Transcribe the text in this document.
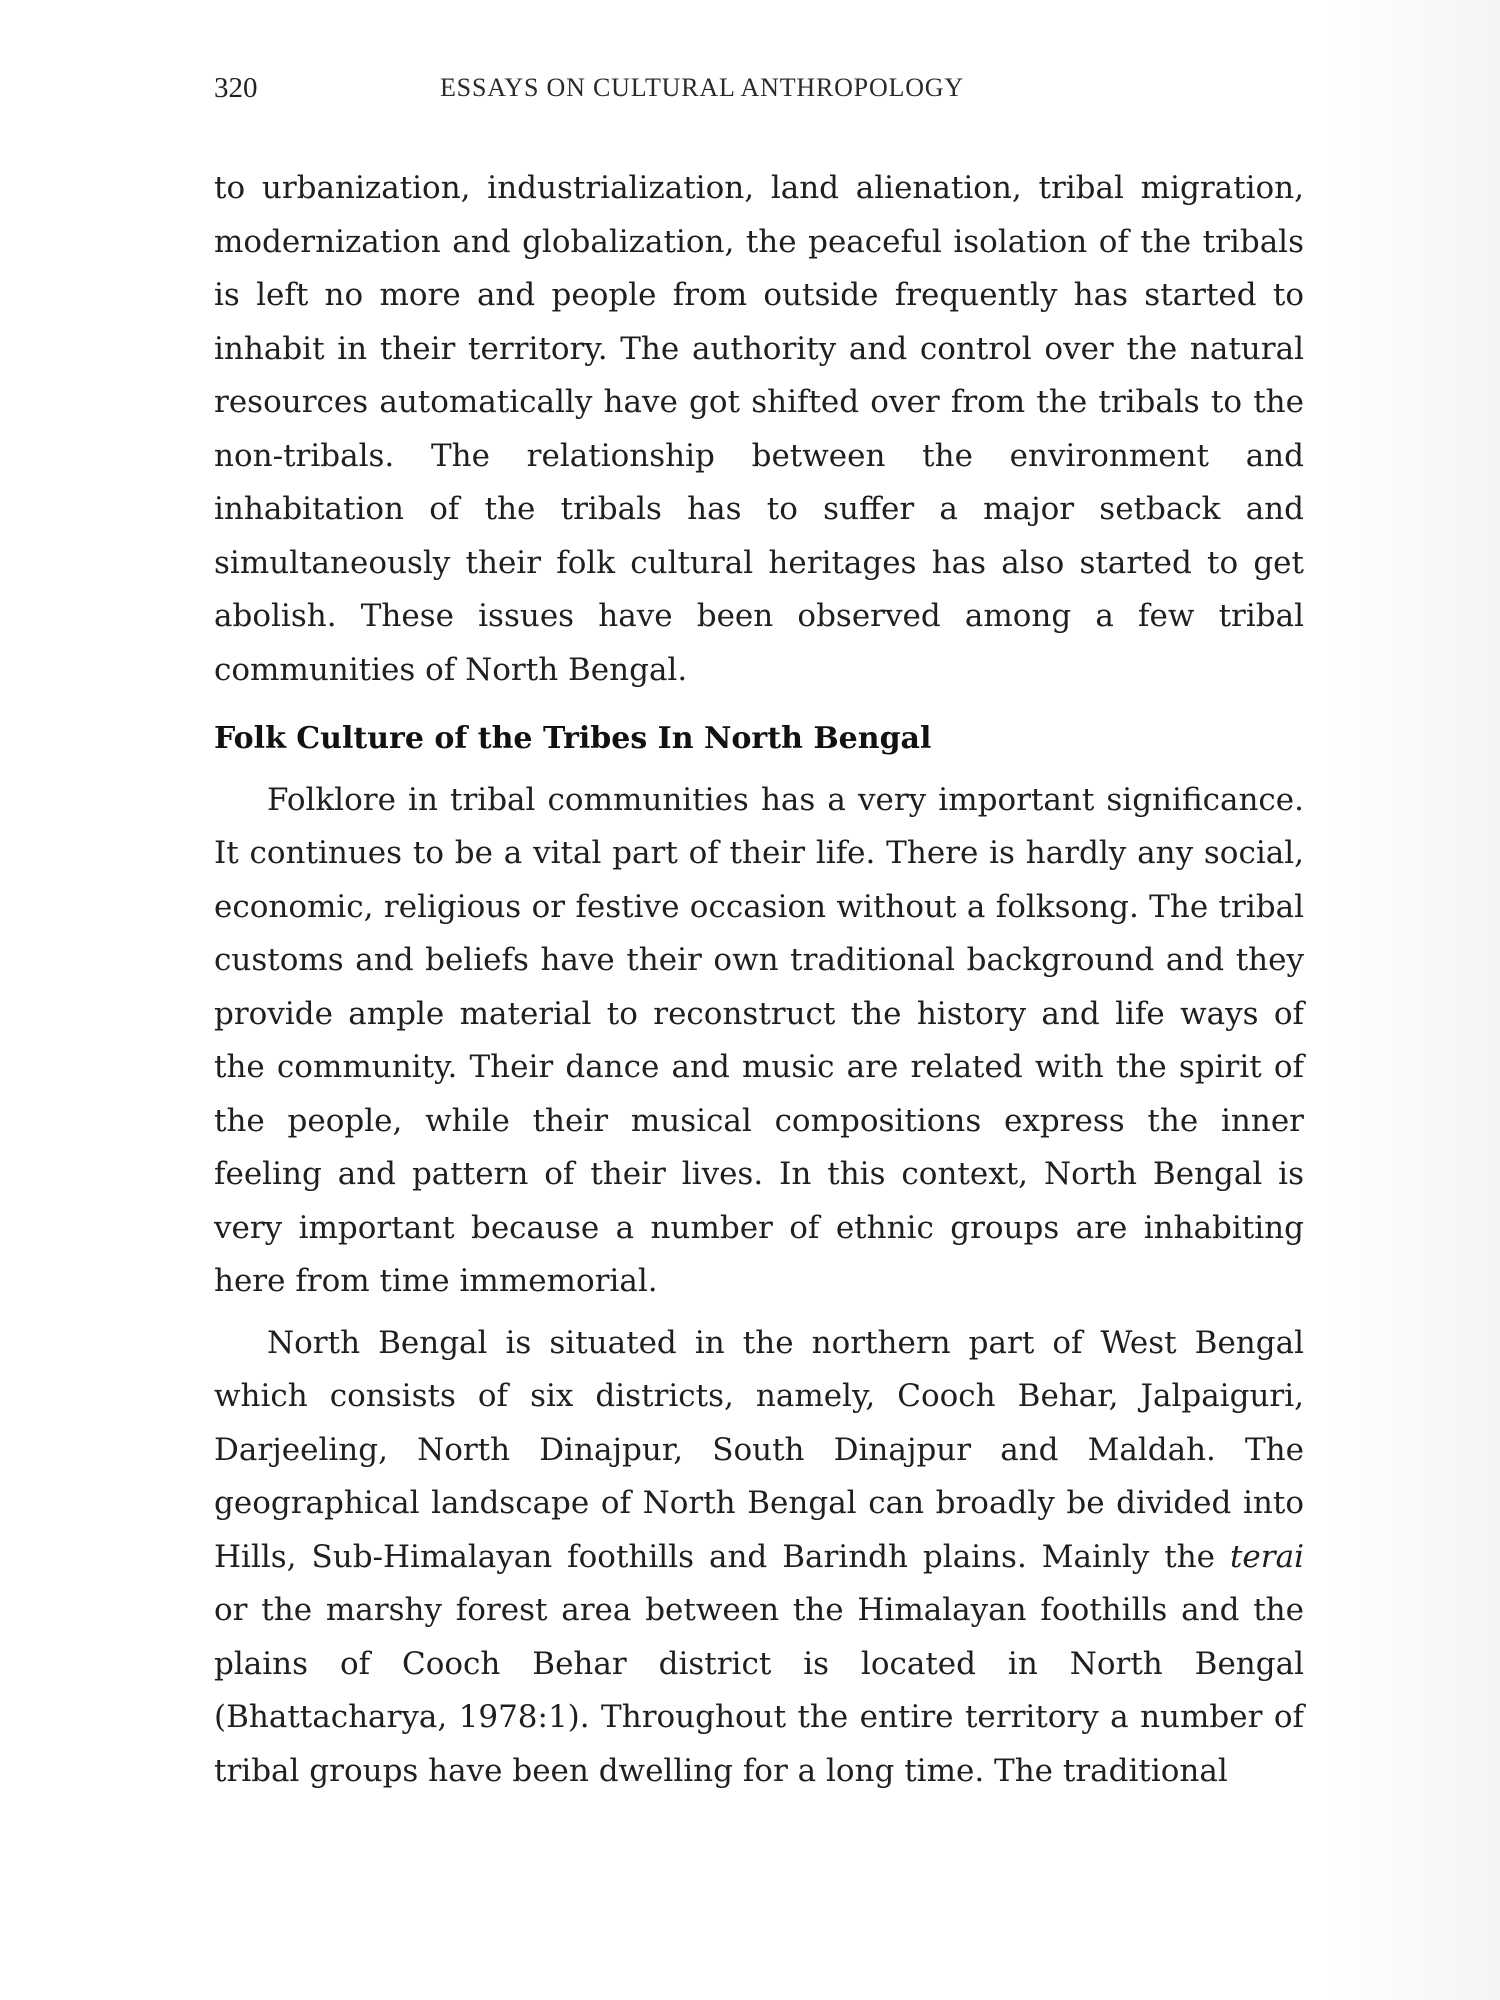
320	ESSAYS ON CULTURAL ANTHROPOLOGY

to urbanization, industrialization, land alienation, tribal migration, modernization and globalization, the peaceful isolation of the tribals is left no more and people from outside frequently has started to inhabit in their territory. The authority and control over the natural resources automatically have got shifted over from the tribals to the non-tribals. The relationship between the environment and inhabitation of the tribals has to suffer a major setback and simultaneously their folk cultural heritages has also started to get abolish. These issues have been observed among a few tribal communities of North Bengal.

Folk Culture of the Tribes In North Bengal

Folklore in tribal communities has a very important significance. It continues to be a vital part of their life. There is hardly any social, economic, religious or festive occasion without a folksong. The tribal customs and beliefs have their own traditional background and they provide ample material to reconstruct the history and life ways of the community. Their dance and music are related with the spirit of the people, while their musical compositions express the inner feeling and pattern of their lives. In this context, North Bengal is very important because a number of ethnic groups are inhabiting here from time immemorial.

North Bengal is situated in the northern part of West Bengal which consists of six districts, namely, Cooch Behar, Jalpaiguri, Darjeeling, North Dinajpur, South Dinajpur and Maldah. The geographical landscape of North Bengal can broadly be divided into Hills, Sub-Himalayan foothills and Barindh plains. Mainly the terai or the marshy forest area between the Himalayan foothills and the plains of Cooch Behar district is located in North Bengal (Bhattacharya, 1978:1). Throughout the entire territory a number of tribal groups have been dwelling for a long time. The traditional
